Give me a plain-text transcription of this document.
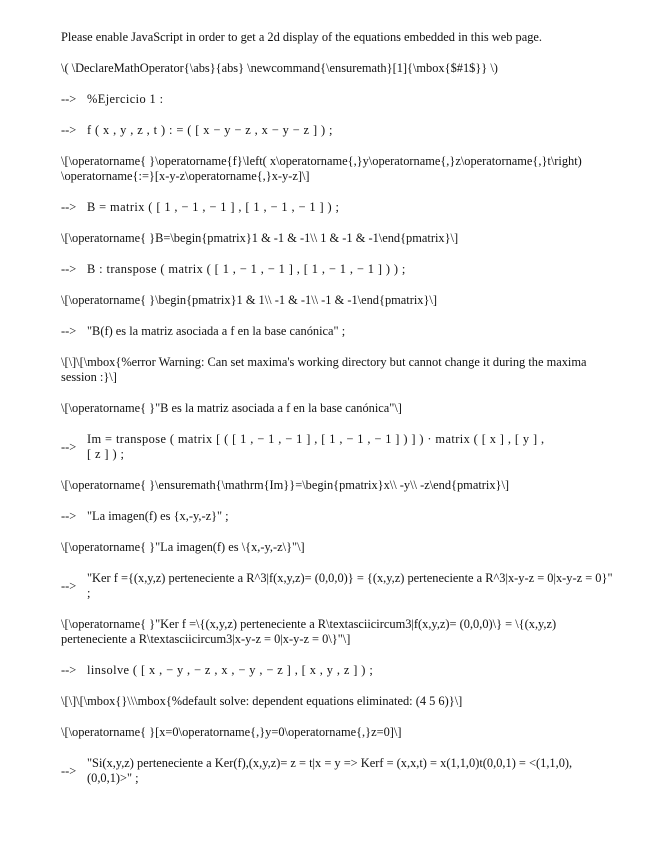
Please enable JavaScript in order to get a 2d display of the equations embedded in this web page.

\( \DeclareMathOperator{\abs}{abs} \newcommand{\ensuremath}[1]{\mbox{$#1$}} \)

--> %Ejercicio 1 :
--> f ( x , y , z , t ) : = ( [ x − y − z , x − y − z ] ) ;

\[\operatorname{ }\operatorname{f}\left( x\operatorname{,}y\operatorname{,}z\operatorname{,}t\right) \operatorname{:=}[x-y-z\operatorname{,}x-y-z]\]

--> B = matrix ( [ 1 , − 1 , − 1 ] , [ 1 , − 1 , − 1 ] ) ;

\[\operatorname{ }B=\begin{pmatrix}1 & -1 & -1\\ 1 & -1 & -1\end{pmatrix}\]

--> B : transpose ( matrix ( [ 1 , − 1 , − 1 ] , [ 1 , − 1 , − 1 ] ) ) ;

\[\operatorname{ }\begin{pmatrix}1 & 1\\ -1 & -1\\ -1 & -1\end{pmatrix}\]

--> "B(f) es la matriz asociada a f en la base canónica" ;

\[\]\[\mbox{%error Warning: Can set maxima's working directory but cannot change it during the maxima session :}\]

\[\operatorname{ }"B es la matriz asociada a f en la base canónica"\]

-->
Im = transpose ( matrix [ ( [ 1 , − 1 , − 1 ] , [ 1 , − 1 , − 1 ] ) ] ) · matrix ( [ x ] , [ y ] , [ z ] ) ;

\[\operatorname{ }\ensuremath{\mathrm{Im}}=\begin{pmatrix}x\\ -y\\ -z\end{pmatrix}\]

--> "La imagen(f) es {x,-y,-z}" ;

\[\operatorname{ }"La imagen(f) es \{x,-y,-z\}"\]

-->
"Ker f ={(x,y,z) perteneciente a R^3|f(x,y,z)= (0,0,0)} = {(x,y,z) perteneciente a R^3|x-y-z = 0|x-y-z = 0}" ;

\[\operatorname{ }"Ker f =\{(x,y,z) perteneciente a R\textasciicircum3|f(x,y,z)= (0,0,0)\} = \{(x,y,z) perteneciente a R\textasciicircum3|x-y-z = 0|x-y-z = 0\}"\]

--> linsolve ( [ x , − y , − z , x , − y , − z ] , [ x , y , z ] ) ;

\[\]\[\mbox{}\\\mbox{%default solve: dependent equations eliminated: (4 5 6)}\]

\[\operatorname{ }[x=0\operatorname{,}y=0\operatorname{,}z=0]\]

-->
"Si(x,y,z) perteneciente a Ker(f),(x,y,z)= z = t|x = y => Kerf = (x,x,t) = x(1,1,0)t(0,0,1) = <(1,1,0), (0,0,1)>" ;
